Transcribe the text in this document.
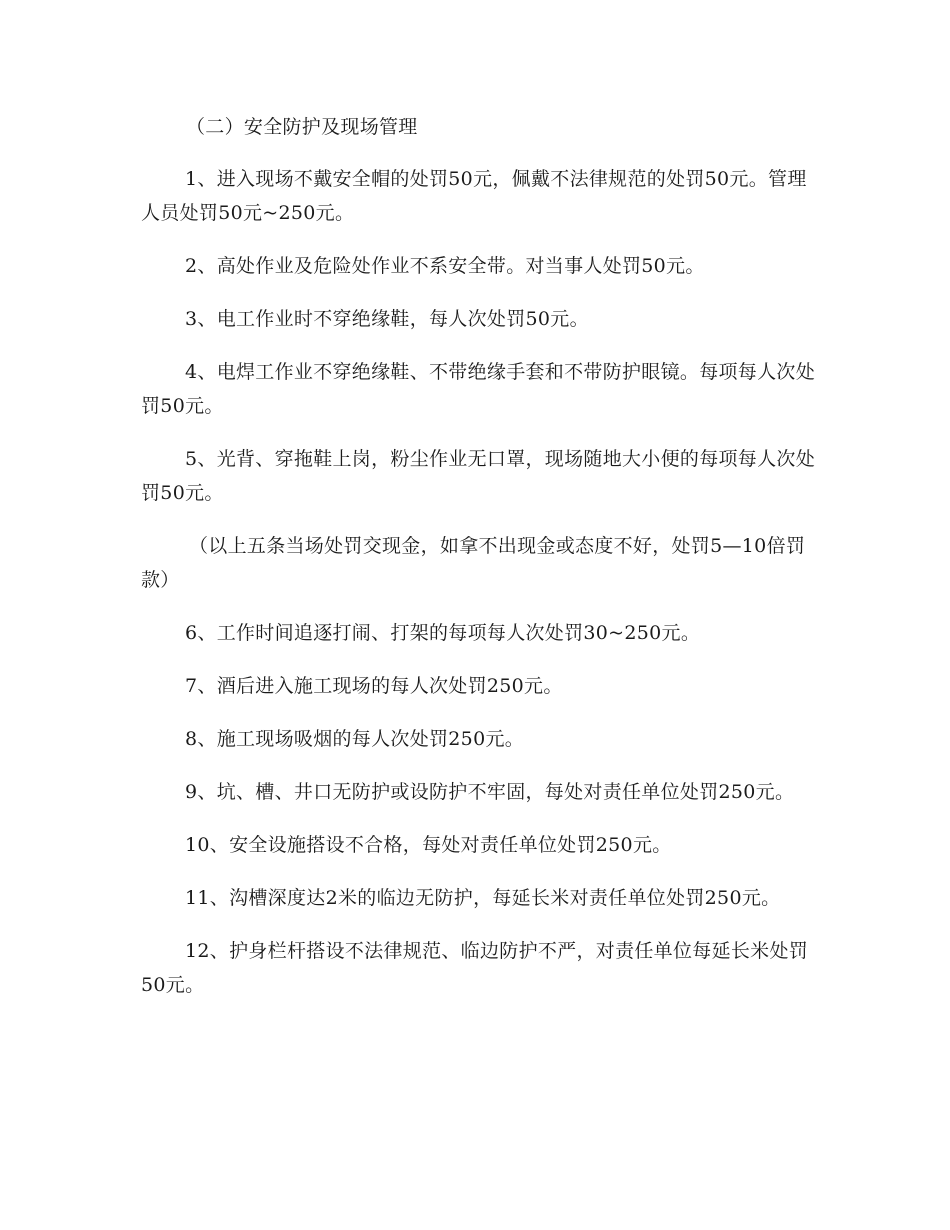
（二）安全防护及现场管理

1、进入现场不戴安全帽的处罚50元，佩戴不法律规范的处罚50元。管理人员处罚50元~250元。

2、高处作业及危险处作业不系安全带。对当事人处罚50元。

3、电工作业时不穿绝缘鞋，每人次处罚50元。

4、电焊工作业不穿绝缘鞋、不带绝缘手套和不带防护眼镜。每项每人次处罚50元。

5、光背、穿拖鞋上岗，粉尘作业无口罩，现场随地大小便的每项每人次处罚50元。

（以上五条当场处罚交现金，如拿不出现金或态度不好，处罚5—10倍罚款）

6、工作时间追逐打闹、打架的每项每人次处罚30~250元。

7、酒后进入施工现场的每人次处罚250元。

8、施工现场吸烟的每人次处罚250元。

9、坑、槽、井口无防护或设防护不牢固，每处对责任单位处罚250元。

10、安全设施搭设不合格，每处对责任单位处罚250元。

11、沟槽深度达2米的临边无防护，每延长米对责任单位处罚250元。

12、护身栏杆搭设不法律规范、临边防护不严，对责任单位每延长米处罚50元。
